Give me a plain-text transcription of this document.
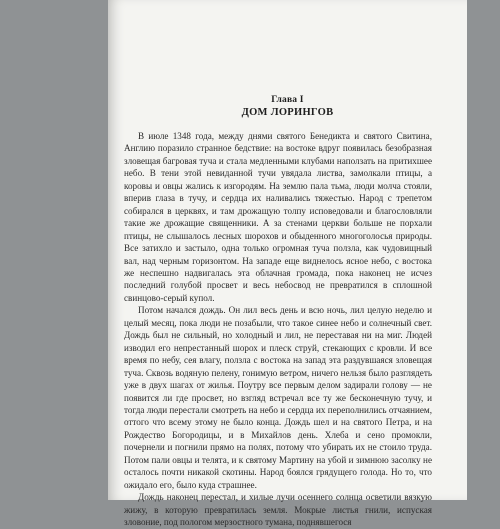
Глава I
ДОМ ЛОРИНГОВ

В июле 1348 года, между днями святого Бенедикта и святого Свитина, Англию поразило странное бедствие: на востоке вдруг появилась безобразная зловещая багровая туча и стала медленными клубами наползать на притихшее небо. В тени этой невиданной тучи увядала листва, замолкали птицы, а коровы и овцы жались к изгородям. На землю пала тьма, люди молча стояли, вперив глаза в тучу, и сердца их наливались тяжестью. Народ с трепетом собирался в церквях, и там дрожащую толпу исповедовали и благословляли такие же дрожащие священники. А за стенами церкви больше не порхали птицы, не слышалось лесных шорохов и обыденного многоголосья природы. Все затихло и застыло, одна только огромная туча ползла, как чудовищный вал, над черным горизонтом. На западе еще виднелось ясное небо, с востока же неспешно надвигалась эта облачная громада, пока наконец не исчез последний голубой просвет и весь небосвод не превратился в сплошной свинцово-серый купол.

Потом начался дождь. Он лил весь день и всю ночь, лил целую неделю и целый месяц, пока люди не позабыли, что такое синее небо и солнечный свет. Дождь был не сильный, но холодный и лил, не переставая ни на миг. Людей изводил его непрестанный шорох и плеск струй, стекающих с кровли. И все время по небу, сея влагу, ползла с востока на запад эта раздувшаяся зловещая туча. Сквозь водяную пелену, гонимую ветром, ничего нельзя было разглядеть уже в двух шагах от жилья. Поутру все первым делом задирали голову — не появится ли где просвет, но взгляд встречал все ту же бесконечную тучу, и тогда люди перестали смотреть на небо и сердца их переполнились отчаянием, оттого что всему этому не было конца. Дождь шел и на святого Петра, и на Рождество Богородицы, и в Михайлов день. Хлеба и сено промокли, почернели и погнили прямо на полях, потому что убирать их не стоило труда. Потом пали овцы и телята, и к святому Мартину на убой и зимнюю засолку не осталось почти никакой скотины. Народ боялся грядущего голода. Но то, что ожидало его, было куда страшнее.

Дождь наконец перестал, и хилые лучи осеннего солнца осветили вязкую жижу, в которую превратилась земля. Мокрые листья гнили, испуская зловоние, под пологом мерзостного тумана, поднявшегося
